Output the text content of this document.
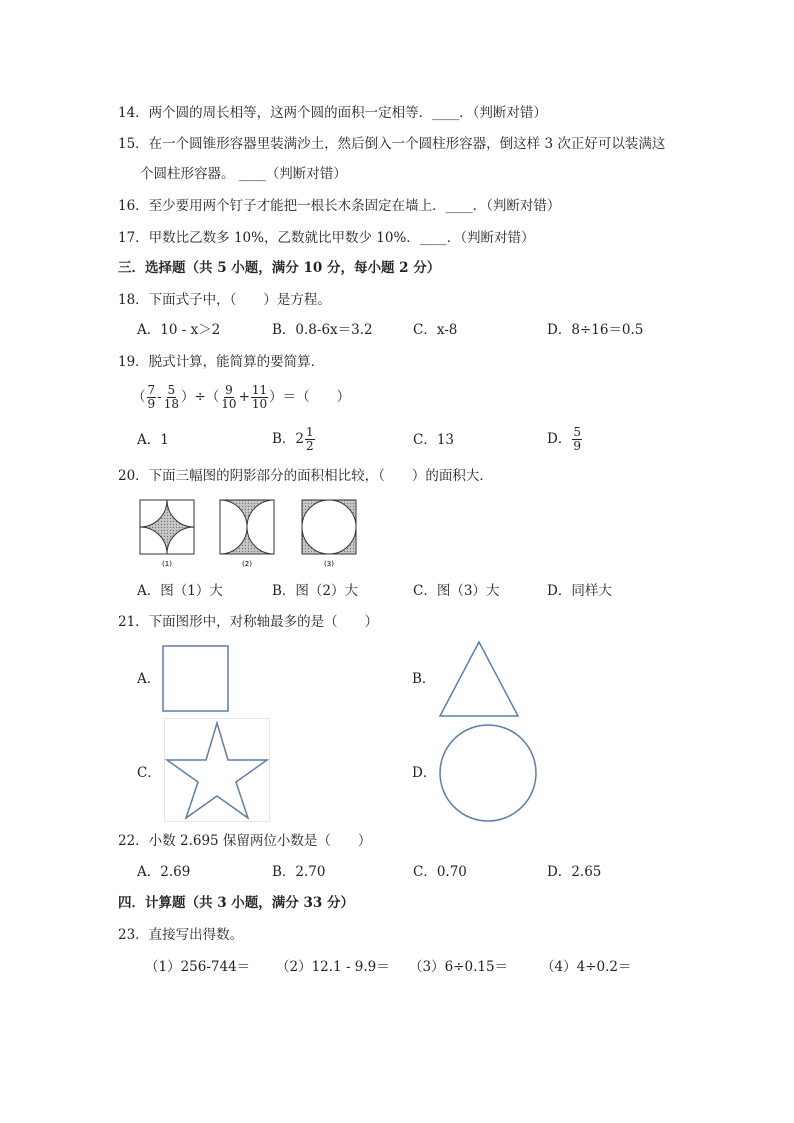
14．两个圆的周长相等，这两个圆的面积一定相等．____．（判断对错）
15．在一个圆锥形容器里装满沙土，然后倒入一个圆柱形容器，倒这样 3 次正好可以装满这
个圆柱形容器。 ____（判断对错）
16．至少要用两个钉子才能把一根长木条固定在墙上．____．（判断对错）
17．甲数比乙数多 10%，乙数就比甲数少 10%．____．（判断对错）
三．选择题（共 5 小题，满分 10 分，每小题 2 分）
18．下面式子中，（　　）是方程。
A．10 - x＞2	B．0.8-6x＝3.2	C．x-8	D．8÷16＝0.5
19．脱式计算，能简算的要简算．
（ $\frac{7}{9} - \frac{5}{18}$ ）÷（ $\frac{9}{10} + \frac{11}{10}$ ）＝（　　）
A．1	B．$2 \frac{1}{2}$	C．13	D． $\frac{5}{9}$
20．下面三幅图的阴影部分的面积相比较，（　　）的面积大．
(1)	(2)	(3)
A．图（1）大	B．图（2）大	C．图（3）大	D．同样大
21．下面图形中，对称轴最多的是（　　）
A．	B．
C．	D．
22．小数 2.695 保留两位小数是（　　）
A．2.69	B．2.70	C．0.70	D．2.65
四．计算题（共 3 小题，满分 33 分）
23．直接写出得数。
（1）256-744＝ （2）12.1 - 9.9＝ （3）6÷0.15＝ （4）4÷0.2＝
